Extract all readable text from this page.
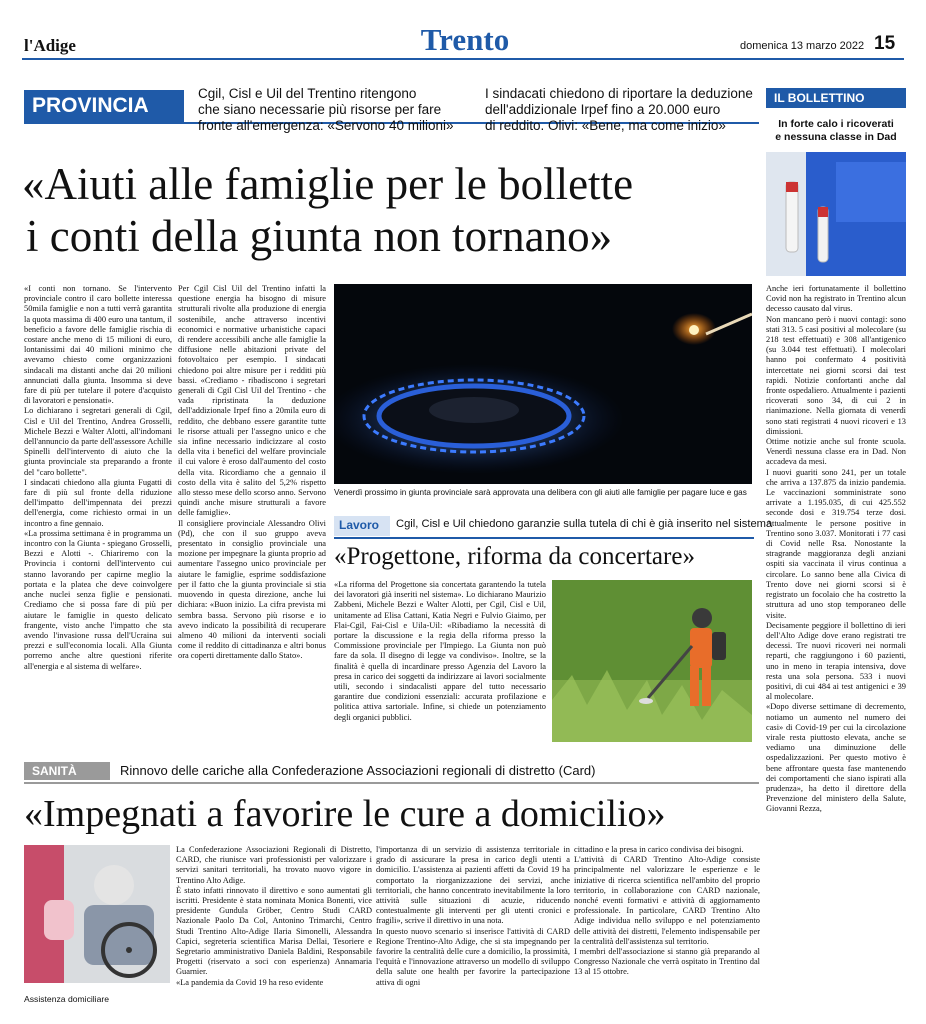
l'Adige	Trento	domenica 13 marzo 2022 15
PROVINCIA
Cgil, Cisl e Uil del Trentino ritengono
che siano necessarie più risorse per fare
fronte all'emergenza: «Servono 40 milioni»
I sindacati chiedono di riportare la deduzione
dell'addizionale Irpef fino a 20.000 euro
di reddito. Olivi: «Bene, ma come inizio»
«Aiuti alle famiglie per le bollette
i conti della giunta non tornano»
«I conti non tornano. Se l'intervento provinciale contro il caro bollette interessa 50mila famiglie e non a tutti verrà garantita la quota massima di 400 euro una tantum, il beneficio a favore delle famiglie rischia di costare anche meno di 15 milioni di euro, lontanissimi dai 40 milioni minimo che avevamo chiesto come organizzazioni sindacali ma distanti anche dai 20 milioni annunciati dalla giunta. Insomma si deve fare di più per tutelare il potere d'acquisto di lavoratori e pensionati».
Lo dichiarano i segretari generali di Cgil, Cisl e Uil del Trentino, Andrea Grosselli, Michele Bezzi e Walter Alotti, all'indomani dell'annuncio da parte dell'assessore Achille Spinelli dell'intervento di aiuto che la giunta provinciale sta preparando a fronte del "caro bollette".
I sindacati chiedono alla giunta Fugatti di fare di più sul fronte della riduzione dell'impatto dell'impennata dei prezzi dell'energia, come richiesto ormai in un incontro a fine gennaio.
«La prossima settimana è in programma un incontro con la Giunta - spiegano Grosselli, Bezzi e Alotti -. Chiariremo con la Provincia i contorni dell'intervento cui stanno lavorando per capirne meglio la portata e la platea che deve coinvolgere anche nuclei senza figlie e pensionati. Crediamo che si possa fare di più per aiutare le famiglie in questo delicato frangente, visto anche l'impatto che sta avendo l'invasione russa dell'Ucraina sui prezzi e sull'economia locali. Alla Giunta porremo anche altre questioni riferite all'energia e al sistema di welfare».
Per Cgil Cisl Uil del Trentino infatti la questione energia ha bisogno di misure strutturali rivolte alla produzione di energia sostenibile, anche attraverso incentivi economici e normative urbanistiche capaci di rendere accessibili anche alle famiglie la diffusione nelle abitazioni private del fotovoltaico per esempio. I sindacati chiedono poi altre misure per i redditi più bassi. «Crediamo - ribadiscono i segretari generali di Cgil Cisl Uil del Trentino - che vada ripristinata la deduzione dell'addizionale Irpef fino a 20mila euro di reddito, che debbano essere garantite tutte le risorse attuali per l'assegno unico e che sia infine necessario indicizzare al costo della vita i benefici del welfare provinciale il cui valore è eroso dall'aumento del costo della vita. Ricordiamo che a gennaio il costo della vita è salito del 5,2% rispetto allo stesso mese dello scorso anno. Servono quindi anche misure strutturali a favore delle famiglie».
Il consigliere provinciale Alessandro Olivi (Pd), che con il suo gruppo aveva presentato in consiglio provinciale una mozione per impegnare la giunta proprio ad aumentare l'assegno unico provinciale per aiutare le famiglie, esprime soddisfazione per il fatto che la giunta provinciale si stia muovendo in questa direzione, anche lui dichiara: «Buon inizio. La cifra prevista mi sembra bassa. Servono più risorse e io avevo indicato la possibilità di recuperare almeno 40 milioni da interventi sociali come il reddito di cittadinanza e altri bonus ora coperti direttamente dallo Stato».
Venerdì prossimo in giunta provinciale sarà approvata una delibera con gli aiuti alle famiglie per pagare luce e gas
Lavoro Cgil, Cisl e Uil chiedono garanzie sulla tutela di chi è già inserito nel sistema
«Progettone, riforma da concertare»
«La riforma del Progettone sia concertata garantendo la tutela dei lavoratori già inseriti nel sistema». Lo dichiarano Maurizio Zabbeni, Michele Bezzi e Walter Alotti, per Cgil, Cisl e Uil, unitamente ad Elisa Cattani, Katia Negri e Fulvio Giaimo, per Flai-Cgil, Fai-Cisl e Uila-Uil: «Ribadiamo la necessità di portare la discussione e la regia della riforma presso la Commissione provinciale per l'Impiego. La Giunta non può fare da sola. Il disegno di legge va condiviso». Inoltre, se la finalità è quella di incardinare presso Agenzia del Lavoro la presa in carico dei soggetti da indirizzare ai lavori socialmente utili, secondo i sindacalisti appare del tutto necessario garantire due condizioni essenziali: accurata profilazione e politica attiva sartoriale. Infine, si chiede un potenziamento degli organici pubblici.
SANITÀ	Rinnovo delle cariche alla Confederazione Associazioni regionali di distretto (Card)
«Impegnati a favorire le cure a domicilio»
Assistenza domiciliare
La Confederazione Associazioni Regionali di Distretto, CARD, che riunisce vari professionisti per valorizzare i servizi sanitari territoriali, ha trovato nuovo vigore in Trentino Alto Adige.
È stato infatti rinnovato il direttivo e sono aumentati gli iscritti. Presidente è stata nominata Monica Bonenti, vice presidente Gundula Gröber, Centro Studi CARD Nazionale Paolo Da Col, Antonino Trimarchi, Centro Studi Trentino Alto-Adige Ilaria Simonelli, Alessandra Capici, segreteria scientifica Marisa Dellai, Tesoriere e Segretario amministrativo Daniela Baldini, Responsabile Progetti (riservato a soci con esperienza) Annamaria Guarnier.
«La pandemia da Covid 19 ha reso evidente
l'importanza di un servizio di assistenza territoriale in grado di assicurare la presa in carico degli utenti a domicilio. L'assistenza ai pazienti affetti da Covid 19 ha comportato la riorganizzazione dei servizi, anche territoriali, che hanno concentrato inevitabilmente la loro attività sulle situazioni di acuzie, riducendo contestualmente gli interventi per gli utenti cronici e fragili», scrive il direttivo in una nota.
In questo nuovo scenario si inserisce l'attività di CARD Regione Trentino-Alto Adige, che si sta impegnando per favorire la centralità delle cure a domicilio, la prossimità, l'equità e l'innovazione attraverso un modello di sviluppo della salute one health per favorire la partecipazione attiva di ogni
cittadino e la presa in carico condivisa dei bisogni.
L'attività di CARD Trentino Alto-Adige consiste principalmente nel valorizzare le esperienze e le iniziative di ricerca scientifica nell'ambito del proprio territorio, in collaborazione con CARD nazionale, nonché eventi formativi e attività di aggiornamento professionale. In particolare, CARD Trentino Alto Adige individua nello sviluppo e nel potenziamento delle attività dei distretti, l'elemento indispensabile per la centralità dell'assistenza sul territorio.
I membri dell'associazione si stanno già preparando al Congresso Nazionale che verrà ospitato in Trentino dal 13 al 15 ottobre.
IL BOLLETTINO
In forte calo i ricoverati
e nessuna classe in Dad
Anche ieri fortunatamente il bollettino Covid non ha registrato in Trentino alcun decesso causato dal virus.
Non mancano però i nuovi contagi: sono stati 313. 5 casi positivi al molecolare (su 218 test effettuati) e 308 all'antigenico (su 3.044 test effettuati). I molecolari hanno poi confermato 4 positività intercettate nei giorni scorsi dai test rapidi. Notizie confortanti anche dal fronte ospedaliero. Attualmente i pazienti ricoverati sono 34, di cui 2 in rianimazione. Nella giornata di venerdì sono stati registrati 4 nuovi ricoveri e 13 dimissioni.
Ottime notizie anche sul fronte scuola. Venerdì nessuna classe era in Dad. Non accadeva da mesi.
I nuovi guariti sono 241, per un totale che arriva a 137.875 da inizio pandemia. Le vaccinazioni somministrate sono arrivate a 1.195.035, di cui 425.552 seconde dosi e 319.754 terze dosi. Attualmente le persone positive in Trentino sono 3.037. Monitorati i 77 casi di Covid nelle Rsa. Nonostante la stragrande maggioranza degli anziani ospiti sia vaccinata il virus continua a circolare. Lo sanno bene alla Civica di Trento dove nei giorni scorsi si è registrato un focolaio che ha costretto la struttura ad uno stop temporaneo delle visite.
Decisamente peggiore il bollettino di ieri dell'Alto Adige dove erano registrati tre decessi. Tre nuovi ricoveri nei normali reparti, che raggiungono i 60 pazienti, uno in meno in terapia intensiva, dove resta una sola persona. 533 i nuovi positivi, di cui 484 ai test antigenici e 39 al molecolare.
«Dopo diverse settimane di decremento, notiamo un aumento nel numero dei casi» di Covid-19 per cui la circolazione virale resta piuttosto elevata, anche se vediamo una diminuzione delle ospedalizzazioni. Per questo motivo è bene affrontare questa fase mantenendo dei comportamenti che siano ispirati alla prudenza», ha detto il direttore della Prevenzione del ministero della Salute, Giovanni Rezza,
